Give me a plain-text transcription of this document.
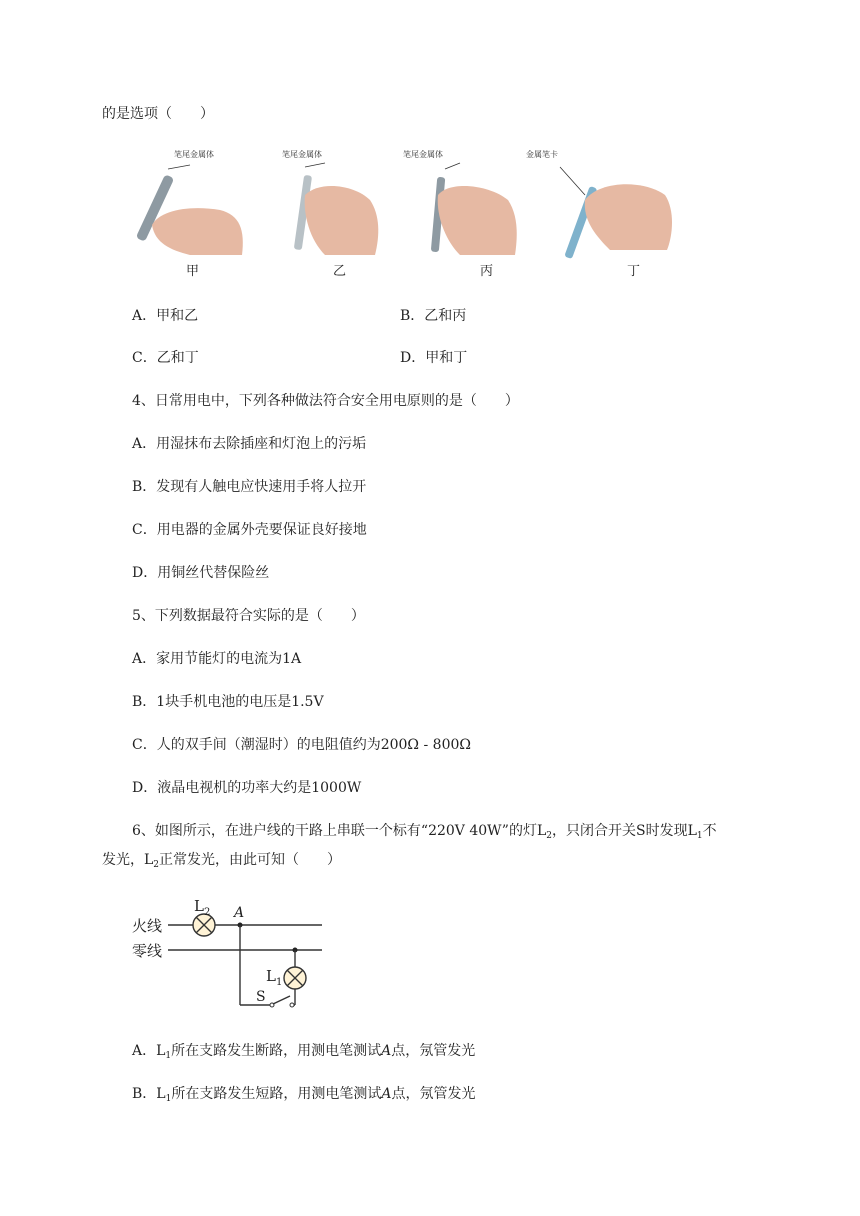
的是选项（　　）
笔尾金属体
甲
笔尾金属体
乙
笔尾金属体
丙
金属笔卡
丁
A．甲和乙	B．乙和丙
C．乙和丁	D．甲和丁
4、日常用电中，下列各种做法符合安全用电原则的是（　　）
A．用湿抹布去除插座和灯泡上的污垢
B．发现有人触电应快速用手将人拉开
C．用电器的金属外壳要保证良好接地
D．用铜丝代替保险丝
5、下列数据最符合实际的是（　　）
A．家用节能灯的电流为1A
B．1块手机电池的电压是1.5V
C．人的双手间（潮湿时）的电阻值约为200Ω - 800Ω
D．液晶电视机的功率大约是1000W
6、如图所示，在进户线的干路上串联一个标有“220V 40W”的灯$L_2$，只闭合开关S时发现$L_1$不
发光，$L_2$正常发光，由此可知（　　）
火线
零线
$L_2$ A
S
$L_1$
A．$L_1$所在支路发生断路，用测电笔测试A点，氖管发光
B．$L_1$所在支路发生短路，用测电笔测试A点，氖管发光
